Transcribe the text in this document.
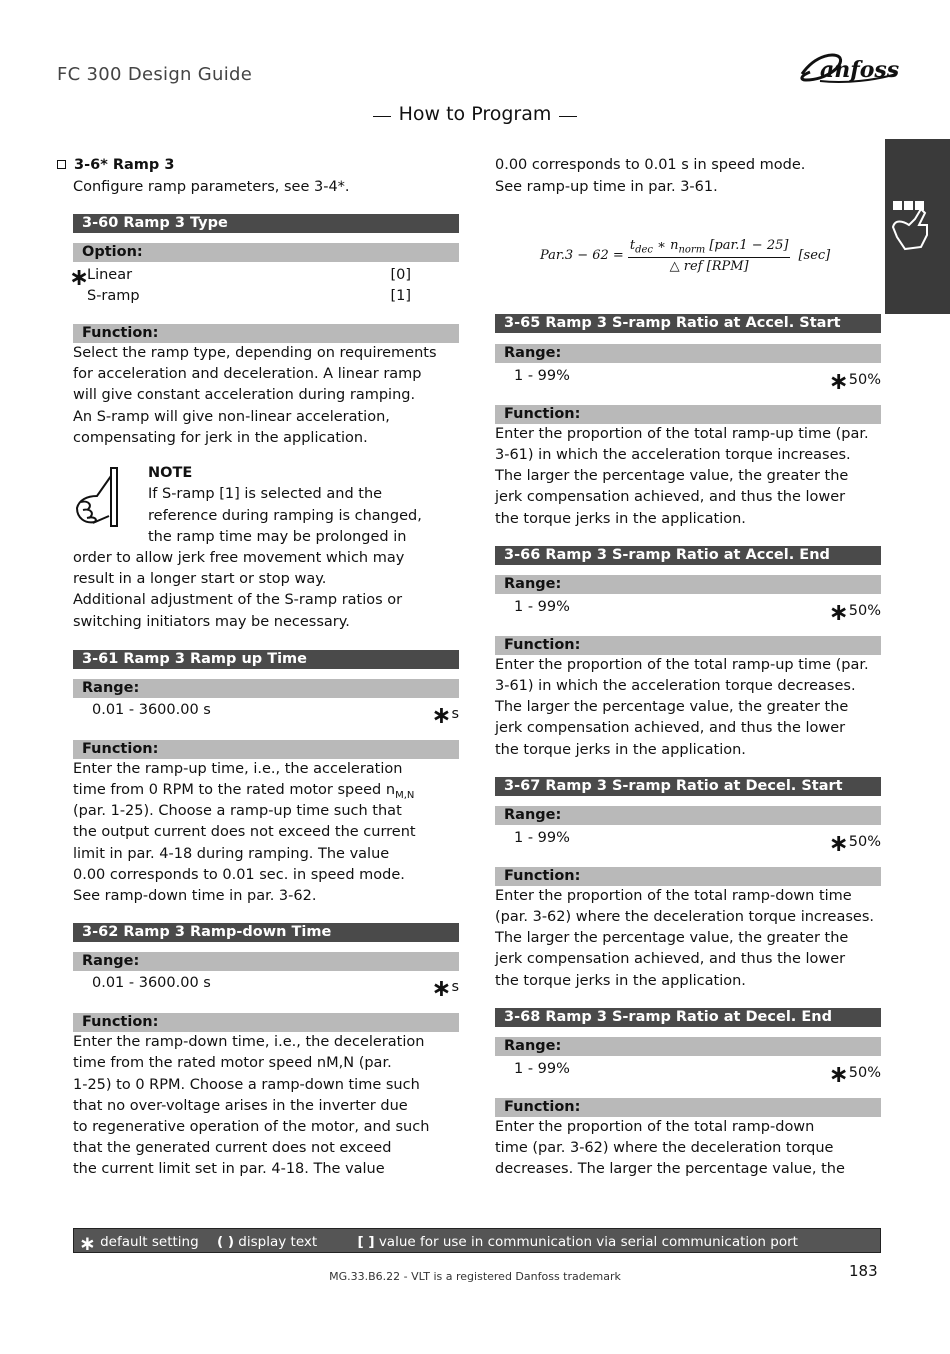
FC 300 Design Guide	anfoss
How to Program
3-6* Ramp 3
Configure ramp parameters, see 3-4*.
3-60 Ramp 3 Type
Option:
∗
Linear	[0]
S-ramp	[1]
Function:
Select the ramp type, depending on requirements
for acceleration and deceleration. A linear ramp
will give constant acceleration during ramping.
An S-ramp will give non-linear acceleration,
compensating for jerk in the application.
NOTE
If S-ramp [1] is selected and the
reference during ramping is changed,
the ramp time may be prolonged in
order to allow jerk free movement which may
result in a longer start or stop way.
Additional adjustment of the S-ramp ratios or
switching initiators may be necessary.
3-61 Ramp 3 Ramp up Time
Range:
0.01 - 3600.00 s	∗s
Function:
Enter the ramp-up time, i.e., the acceleration
time from 0 RPM to the rated motor speed $n_{M,N}$
(par. 1-25). Choose a ramp-up time such that
the output current does not exceed the current
limit in par. 4-18 during ramping. The value
0.00 corresponds to 0.01 sec. in speed mode.
See ramp-down time in par. 3-62.
3-62 Ramp 3 Ramp-down Time
Range:
0.01 - 3600.00 s	∗s
Function:
Enter the ramp-down time, i.e., the deceleration
time from the rated motor speed nM,N (par.
1-25) to 0 RPM. Choose a ramp-down time such
that no over-voltage arises in the inverter due
to regenerative operation of the motor, and such
that the generated current does not exceed
the current limit set in par. 4-18. The value
0.00 corresponds to 0.01 s in speed mode.
See ramp-up time in par. 3-61.
Par.3 − 62 =	$t_{dec}$ ∗ $n_{norm}$ [par.1 − 25]	[sec]
△ ref [RPM]
3-65 Ramp 3 S-ramp Ratio at Accel. Start
Range:
1 - 99%	∗50%
Function:
Enter the proportion of the total ramp-up time (par.
3-61) in which the acceleration torque increases.
The larger the percentage value, the greater the
jerk compensation achieved, and thus the lower
the torque jerks in the application.
3-66 Ramp 3 S-ramp Ratio at Accel. End
Range:
1 - 99%	∗50%
Function:
Enter the proportion of the total ramp-up time (par.
3-61) in which the acceleration torque decreases.
The larger the percentage value, the greater the
jerk compensation achieved, and thus the lower
the torque jerks in the application.
3-67 Ramp 3 S-ramp Ratio at Decel. Start
Range:
1 - 99%	∗50%
Function:
Enter the proportion of the total ramp-down time
(par. 3-62) where the deceleration torque increases.
The larger the percentage value, the greater the
jerk compensation achieved, and thus the lower
the torque jerks in the application.
3-68 Ramp 3 S-ramp Ratio at Decel. End
Range:
1 - 99%	∗50%
Function:
Enter the proportion of the total ramp-down
time (par. 3-62) where the deceleration torque
decreases. The larger the percentage value, the
∗ default setting ( ) display text	[ ] value for use in communication via serial communication port
MG.33.B6.22 - VLT is a registered Danfoss trademark	183
